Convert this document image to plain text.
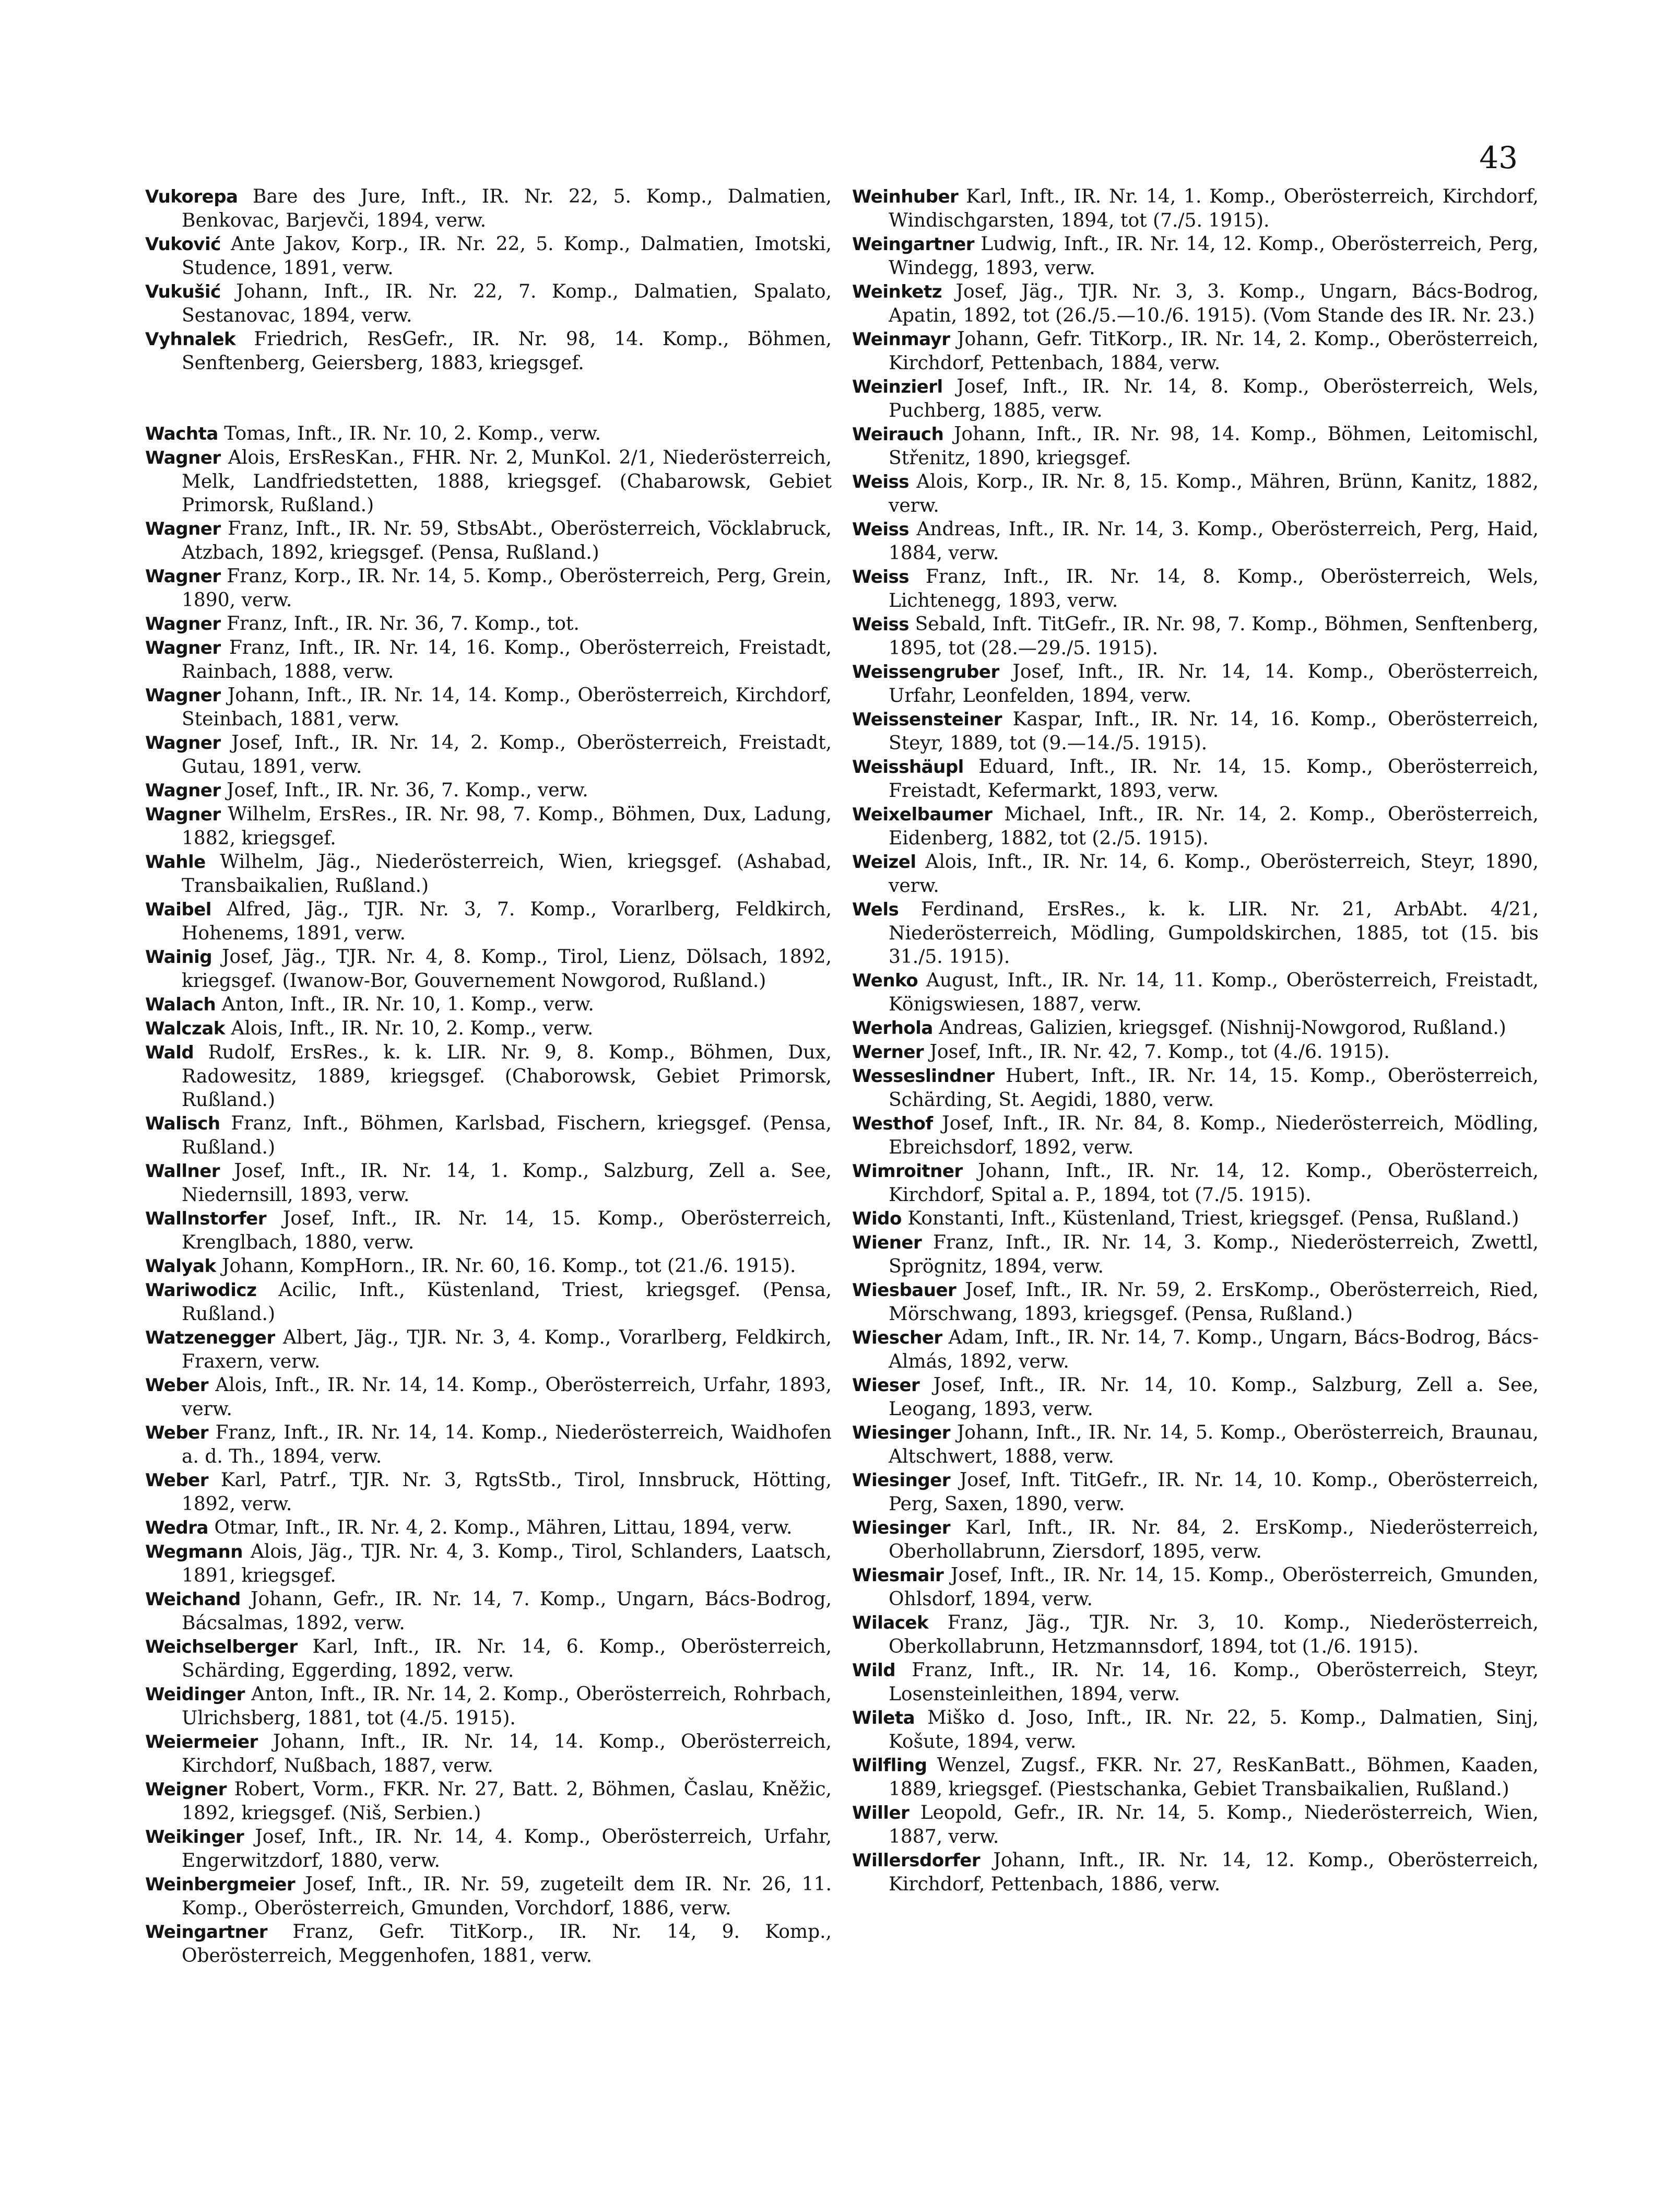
43

Vukorepa Bare des Jure, Inft., IR. Nr. 22, 5. Komp., Dalmatien, Benkovac, Barjevči, 1894, verw.

Vuković Ante Jakov, Korp., IR. Nr. 22, 5. Komp., Dalmatien, Imotski, Studence, 1891, verw.

Vukušić Johann, Inft., IR. Nr. 22, 7. Komp., Dalmatien, Spalato, Sestanovac, 1894, verw.

Vyhnalek Friedrich, ResGefr., IR. Nr. 98, 14. Komp., Böhmen, Senftenberg, Geiersberg, 1883, kriegsgef.

Wachta Tomas, Inft., IR. Nr. 10, 2. Komp., verw.

Wagner Alois, ErsResKan., FHR. Nr. 2, MunKol. 2/1, Niederösterreich, Melk, Landfriedstetten, 1888, kriegsgef. (Chabarowsk, Gebiet Primorsk, Rußland.)

Wagner Franz, Inft., IR. Nr. 59, StbsAbt., Oberösterreich, Vöcklabruck, Atzbach, 1892, kriegsgef. (Pensa, Rußland.)

Wagner Franz, Korp., IR. Nr. 14, 5. Komp., Oberösterreich, Perg, Grein, 1890, verw.

Wagner Franz, Inft., IR. Nr. 36, 7. Komp., tot.

Wagner Franz, Inft., IR. Nr. 14, 16. Komp., Oberösterreich, Freistadt, Rainbach, 1888, verw.

Wagner Johann, Inft., IR. Nr. 14, 14. Komp., Oberösterreich, Kirchdorf, Steinbach, 1881, verw.

Wagner Josef, Inft., IR. Nr. 14, 2. Komp., Oberösterreich, Freistadt, Gutau, 1891, verw.

Wagner Josef, Inft., IR. Nr. 36, 7. Komp., verw.

Wagner Wilhelm, ErsRes., IR. Nr. 98, 7. Komp., Böhmen, Dux, Ladung, 1882, kriegsgef.

Wahle Wilhelm, Jäg., Niederösterreich, Wien, kriegsgef. (Ashabad, Transbaikalien, Rußland.)

Waibel Alfred, Jäg., TJR. Nr. 3, 7. Komp., Vorarlberg, Feldkirch, Hohenems, 1891, verw.

Wainig Josef, Jäg., TJR. Nr. 4, 8. Komp., Tirol, Lienz, Dölsach, 1892, kriegsgef. (Iwanow-Bor, Gouvernement Nowgorod, Rußland.)

Walach Anton, Inft., IR. Nr. 10, 1. Komp., verw.

Walczak Alois, Inft., IR. Nr. 10, 2. Komp., verw.

Wald Rudolf, ErsRes., k. k. LIR. Nr. 9, 8. Komp., Böhmen, Dux, Radowesitz, 1889, kriegsgef. (Chaborowsk, Gebiet Primorsk, Rußland.)

Walisch Franz, Inft., Böhmen, Karlsbad, Fischern, kriegsgef. (Pensa, Rußland.)

Wallner Josef, Inft., IR. Nr. 14, 1. Komp., Salzburg, Zell a. See, Niedernsill, 1893, verw.

Wallnstorfer Josef, Inft., IR. Nr. 14, 15. Komp., Oberösterreich, Krenglbach, 1880, verw.

Walyak Johann, KompHorn., IR. Nr. 60, 16. Komp., tot (21./6. 1915).

Wariwodicz Acilic, Inft., Küstenland, Triest, kriegsgef. (Pensa, Rußland.)

Watzenegger Albert, Jäg., TJR. Nr. 3, 4. Komp., Vorarlberg, Feldkirch, Fraxern, verw.

Weber Alois, Inft., IR. Nr. 14, 14. Komp., Oberösterreich, Urfahr, 1893, verw.

Weber Franz, Inft., IR. Nr. 14, 14. Komp., Niederösterreich, Waidhofen a. d. Th., 1894, verw.

Weber Karl, Patrf., TJR. Nr. 3, RgtsStb., Tirol, Innsbruck, Hötting, 1892, verw.

Wedra Otmar, Inft., IR. Nr. 4, 2. Komp., Mähren, Littau, 1894, verw.

Wegmann Alois, Jäg., TJR. Nr. 4, 3. Komp., Tirol, Schlanders, Laatsch, 1891, kriegsgef.

Weichand Johann, Gefr., IR. Nr. 14, 7. Komp., Ungarn, Bács-Bodrog, Bácsalmas, 1892, verw.

Weichselberger Karl, Inft., IR. Nr. 14, 6. Komp., Oberösterreich, Schärding, Eggerding, 1892, verw.

Weidinger Anton, Inft., IR. Nr. 14, 2. Komp., Oberösterreich, Rohrbach, Ulrichsberg, 1881, tot (4./5. 1915).

Weiermeier Johann, Inft., IR. Nr. 14, 14. Komp., Oberösterreich, Kirchdorf, Nußbach, 1887, verw.

Weigner Robert, Vorm., FKR. Nr. 27, Batt. 2, Böhmen, Časlau, Kněžic, 1892, kriegsgef. (Niš, Serbien.)

Weikinger Josef, Inft., IR. Nr. 14, 4. Komp., Oberösterreich, Urfahr, Engerwitzdorf, 1880, verw.

Weinbergmeier Josef, Inft., IR. Nr. 59, zugeteilt dem IR. Nr. 26, 11. Komp., Oberösterreich, Gmunden, Vorchdorf, 1886, verw.

Weingartner Franz, Gefr. TitKorp., IR. Nr. 14, 9. Komp., Oberösterreich, Meggenhofen, 1881, verw.

Weinhuber Karl, Inft., IR. Nr. 14, 1. Komp., Oberösterreich, Kirchdorf, Windischgarsten, 1894, tot (7./5. 1915).

Weingartner Ludwig, Inft., IR. Nr. 14, 12. Komp., Oberösterreich, Perg, Windegg, 1893, verw.

Weinketz Josef, Jäg., TJR. Nr. 3, 3. Komp., Ungarn, Bács-Bodrog, Apatin, 1892, tot (26./5.—10./6. 1915). (Vom Stande des IR. Nr. 23.)

Weinmayr Johann, Gefr. TitKorp., IR. Nr. 14, 2. Komp., Oberösterreich, Kirchdorf, Pettenbach, 1884, verw.

Weinzierl Josef, Inft., IR. Nr. 14, 8. Komp., Oberösterreich, Wels, Puchberg, 1885, verw.

Weirauch Johann, Inft., IR. Nr. 98, 14. Komp., Böhmen, Leitomischl, Střenitz, 1890, kriegsgef.

Weiss Alois, Korp., IR. Nr. 8, 15. Komp., Mähren, Brünn, Kanitz, 1882, verw.

Weiss Andreas, Inft., IR. Nr. 14, 3. Komp., Oberösterreich, Perg, Haid, 1884, verw.

Weiss Franz, Inft., IR. Nr. 14, 8. Komp., Oberösterreich, Wels, Lichtenegg, 1893, verw.

Weiss Sebald, Inft. TitGefr., IR. Nr. 98, 7. Komp., Böhmen, Senftenberg, 1895, tot (28.—29./5. 1915).

Weissengruber Josef, Inft., IR. Nr. 14, 14. Komp., Oberösterreich, Urfahr, Leonfelden, 1894, verw.

Weissensteiner Kaspar, Inft., IR. Nr. 14, 16. Komp., Oberösterreich, Steyr, 1889, tot (9.—14./5. 1915).

Weisshäupl Eduard, Inft., IR. Nr. 14, 15. Komp., Oberösterreich, Freistadt, Kefermarkt, 1893, verw.

Weixelbaumer Michael, Inft., IR. Nr. 14, 2. Komp., Oberösterreich, Eidenberg, 1882, tot (2./5. 1915).

Weizel Alois, Inft., IR. Nr. 14, 6. Komp., Oberösterreich, Steyr, 1890, verw.

Wels Ferdinand, ErsRes., k. k. LIR. Nr. 21, ArbAbt. 4/21, Niederösterreich, Mödling, Gumpoldskirchen, 1885, tot (15. bis 31./5. 1915).

Wenko August, Inft., IR. Nr. 14, 11. Komp., Oberösterreich, Freistadt, Königswiesen, 1887, verw.

Werhola Andreas, Galizien, kriegsgef. (Nishnij-Nowgorod, Rußland.)

Werner Josef, Inft., IR. Nr. 42, 7. Komp., tot (4./6. 1915).

Wesseslindner Hubert, Inft., IR. Nr. 14, 15. Komp., Oberösterreich, Schärding, St. Aegidi, 1880, verw.

Westhof Josef, Inft., IR. Nr. 84, 8. Komp., Niederösterreich, Mödling, Ebreichsdorf, 1892, verw.

Wimroitner Johann, Inft., IR. Nr. 14, 12. Komp., Oberösterreich, Kirchdorf, Spital a. P., 1894, tot (7./5. 1915).

Wido Konstanti, Inft., Küstenland, Triest, kriegsgef. (Pensa, Rußland.)

Wiener Franz, Inft., IR. Nr. 14, 3. Komp., Niederösterreich, Zwettl, Sprögnitz, 1894, verw.

Wiesbauer Josef, Inft., IR. Nr. 59, 2. ErsKomp., Oberösterreich, Ried, Mörschwang, 1893, kriegsgef. (Pensa, Rußland.)

Wiescher Adam, Inft., IR. Nr. 14, 7. Komp., Ungarn, Bács-Bodrog, Bács-Almás, 1892, verw.

Wieser Josef, Inft., IR. Nr. 14, 10. Komp., Salzburg, Zell a. See, Leogang, 1893, verw.

Wiesinger Johann, Inft., IR. Nr. 14, 5. Komp., Oberösterreich, Braunau, Altschwert, 1888, verw.

Wiesinger Josef, Inft. TitGefr., IR. Nr. 14, 10. Komp., Oberösterreich, Perg, Saxen, 1890, verw.

Wiesinger Karl, Inft., IR. Nr. 84, 2. ErsKomp., Niederösterreich, Oberhollabrunn, Ziersdorf, 1895, verw.

Wiesmair Josef, Inft., IR. Nr. 14, 15. Komp., Oberösterreich, Gmunden, Ohlsdorf, 1894, verw.

Wilacek Franz, Jäg., TJR. Nr. 3, 10. Komp., Niederösterreich, Oberkollabrunn, Hetzmannsdorf, 1894, tot (1./6. 1915).

Wild Franz, Inft., IR. Nr. 14, 16. Komp., Oberösterreich, Steyr, Losensteinleithen, 1894, verw.

Wileta Miško d. Joso, Inft., IR. Nr. 22, 5. Komp., Dalmatien, Sinj, Košute, 1894, verw.

Wilfling Wenzel, Zugsf., FKR. Nr. 27, ResKanBatt., Böhmen, Kaaden, 1889, kriegsgef. (Piestschanka, Gebiet Transbaikalien, Rußland.)

Willer Leopold, Gefr., IR. Nr. 14, 5. Komp., Niederösterreich, Wien, 1887, verw.

Willersdorfer Johann, Inft., IR. Nr. 14, 12. Komp., Oberösterreich, Kirchdorf, Pettenbach, 1886, verw.
